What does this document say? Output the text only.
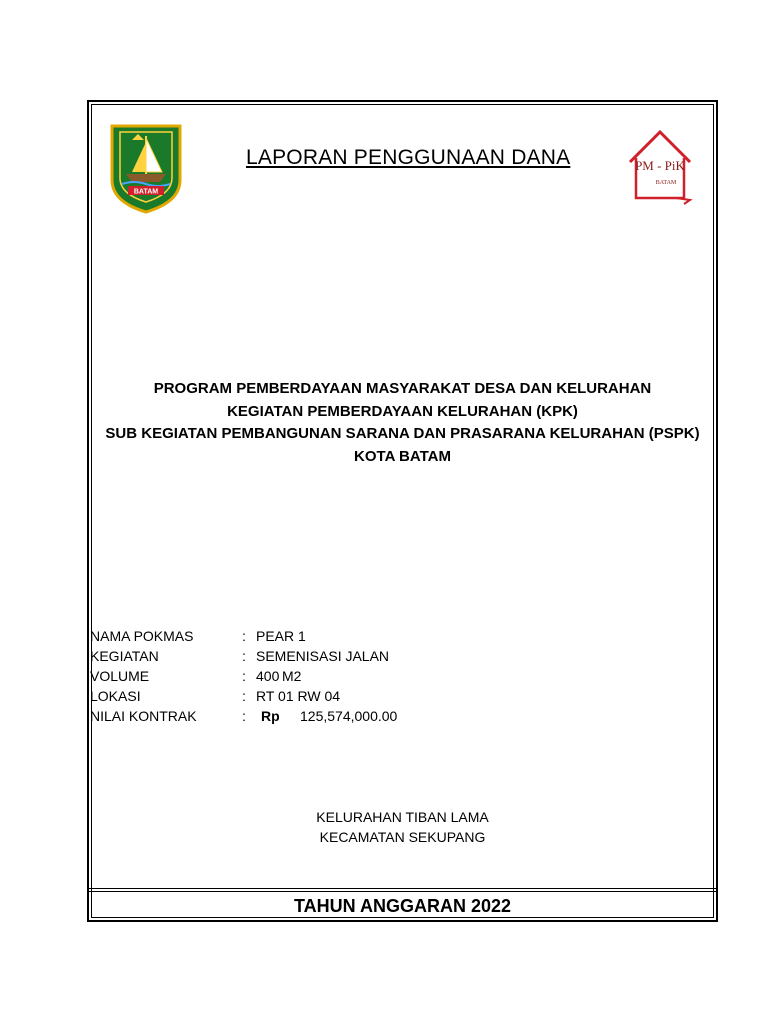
BATAM
LAPORAN PENGGUNAAN DANA	PM - PiK
BATAM
PROGRAM PEMBERDAYAAN MASYARAKAT DESA DAN KELURAHAN
KEGIATAN PEMBERDAYAAN KELURAHAN (KPK)
SUB KEGIATAN PEMBANGUNAN SARANA DAN PRASARANA KELURAHAN (PSPK)
KOTA BATAM
NAMA POKMAS	: PEAR 1
KEGIATAN	: SEMENISASI JALAN
VOLUME	: 400 M2
LOKASI	: RT 01 RW 04
NILAI KONTRAK	: Rp 125,574,000.00
KELURAHAN TIBAN LAMA
KECAMATAN SEKUPANG
TAHUN ANGGARAN 2022
